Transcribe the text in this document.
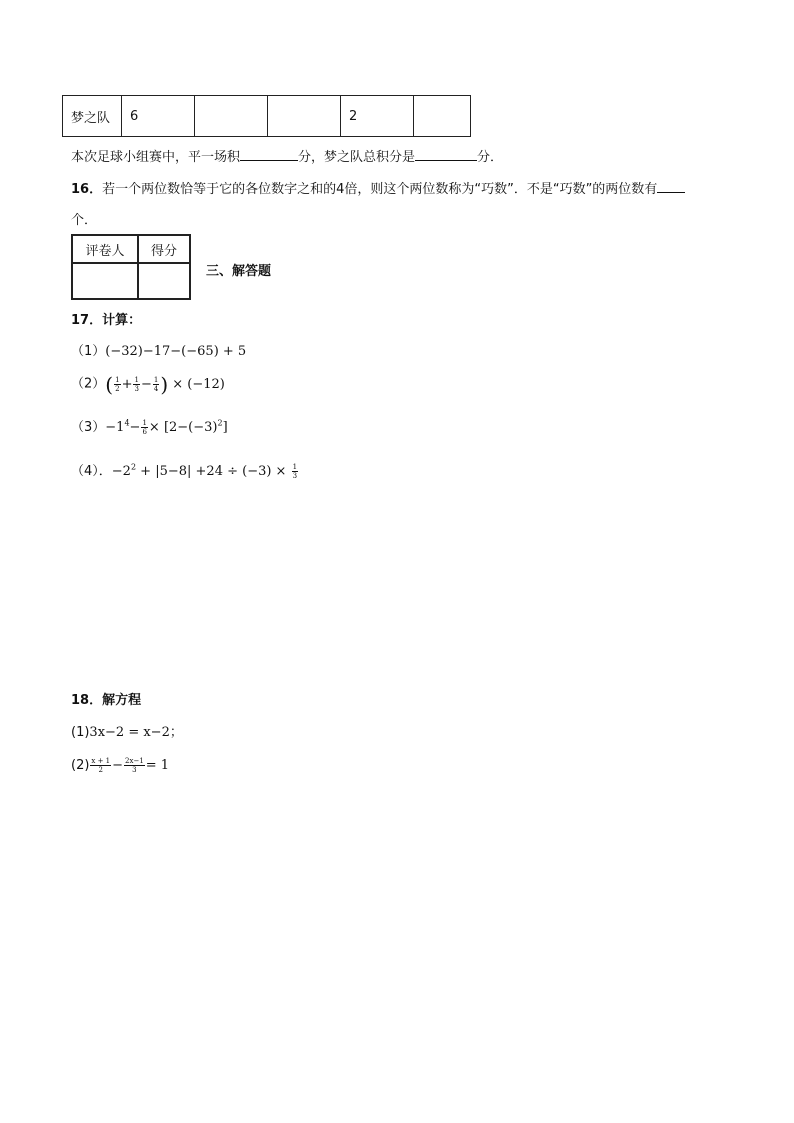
梦之队	6			2	
本次足球小组赛中，平一场积	分，梦之队总积分是	分．
16．若一个两位数恰等于它的各位数字之和的4倍，则这个两位数称为“巧数”．不是“巧数”的两位数有
个．
评卷人	得分

三、解答题
17．计算：
（1）(−32)−17−(−65) + 5
$(2)( \frac{1}{2} + \frac{1}{3} - \frac{1}{4}$ ) × (−12)
$(3)-1^4- \frac{1}{6} \times [2-(-3)^2]$
（4）．$-2^2 + |5-8| +24 \div (-3) \times \frac{1}{3}$
18．解方程
(1)3x−2 = x−2；
$(2) \frac{x + 1}{2} - \frac{2x-1}{3} = 1$
